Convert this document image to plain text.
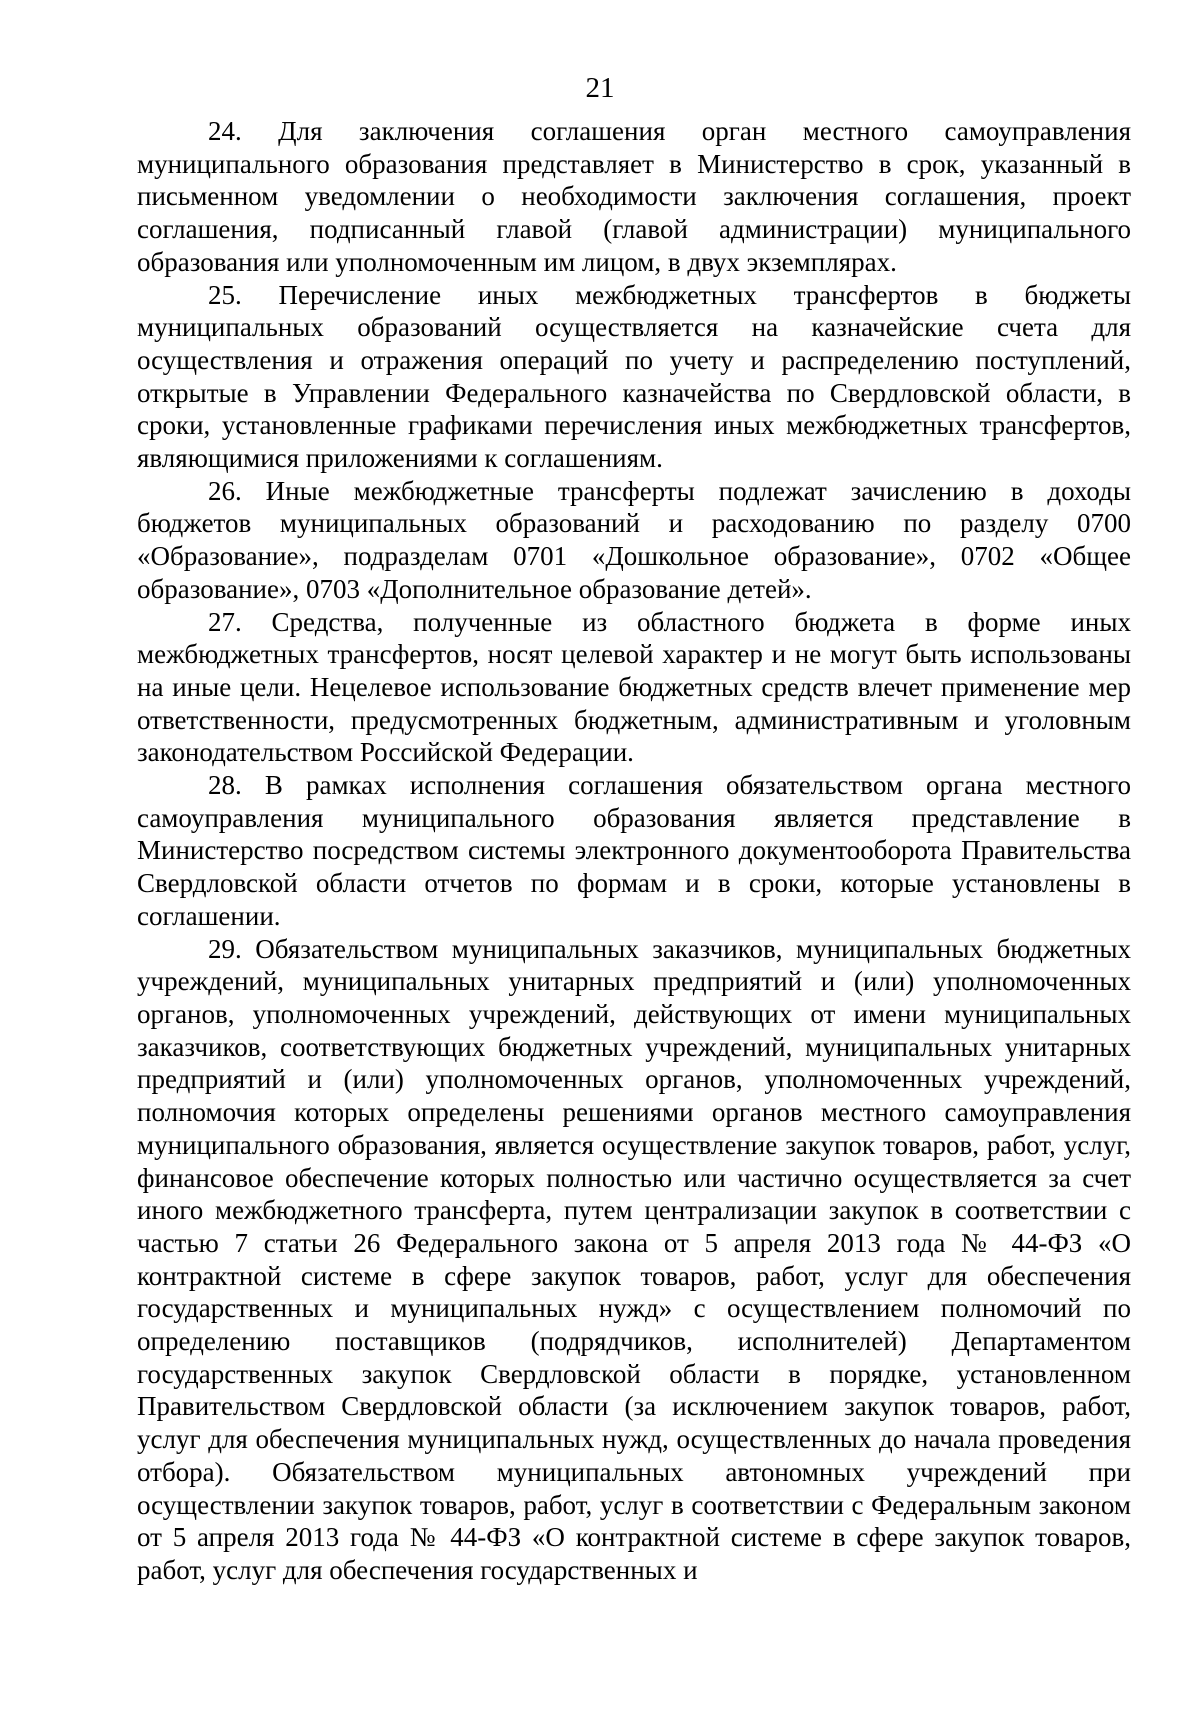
21

24. Для заключения соглашения орган местного самоуправления муниципального образования представляет в Министерство в срок, указанный в письменном уведомлении о необходимости заключения соглашения, проект соглашения, подписанный главой (главой администрации) муниципального образования или уполномоченным им лицом, в двух экземплярах.

25. Перечисление иных межбюджетных трансфертов в бюджеты муниципальных образований осуществляется на казначейские счета для осуществления и отражения операций по учету и распределению поступлений, открытые в Управлении Федерального казначейства по Свердловской области, в сроки, установленные графиками перечисления иных межбюджетных трансфертов, являющимися приложениями к соглашениям.

26. Иные межбюджетные трансферты подлежат зачислению в доходы бюджетов муниципальных образований и расходованию по разделу 0700 «Образование», подразделам 0701 «Дошкольное образование», 0702 «Общее образование», 0703 «Дополнительное образование детей».

27. Средства, полученные из областного бюджета в форме иных межбюджетных трансфертов, носят целевой характер и не могут быть использованы на иные цели. Нецелевое использование бюджетных средств влечет применение мер ответственности, предусмотренных бюджетным, административным и уголовным законодательством Российской Федерации.

28. В рамках исполнения соглашения обязательством органа местного самоуправления муниципального образования является представление в Министерство посредством системы электронного документооборота Правительства Свердловской области отчетов по формам и в сроки, которые установлены в соглашении.

29. Обязательством муниципальных заказчиков, муниципальных бюджетных учреждений, муниципальных унитарных предприятий и (или) уполномоченных органов, уполномоченных учреждений, действующих от имени муниципальных заказчиков, соответствующих бюджетных учреждений, муниципальных унитарных предприятий и (или) уполномоченных органов, уполномоченных учреждений, полномочия которых определены решениями органов местного самоуправления муниципального образования, является осуществление закупок товаров, работ, услуг, финансовое обеспечение которых полностью или частично осуществляется за счет иного межбюджетного трансферта, путем централизации закупок в соответствии с частью 7 статьи 26 Федерального закона от 5 апреля 2013 года № 44-ФЗ «О контрактной системе в сфере закупок товаров, работ, услуг для обеспечения государственных и муниципальных нужд» с осуществлением полномочий по определению поставщиков (подрядчиков, исполнителей) Департаментом государственных закупок Свердловской области в порядке, установленном Правительством Свердловской области (за исключением закупок товаров, работ, услуг для обеспечения муниципальных нужд, осуществленных до начала проведения отбора). Обязательством муниципальных автономных учреждений при осуществлении закупок товаров, работ, услуг в соответствии с Федеральным законом от 5 апреля 2013 года № 44-ФЗ «О контрактной системе в сфере закупок товаров, работ, услуг для обеспечения государственных и
